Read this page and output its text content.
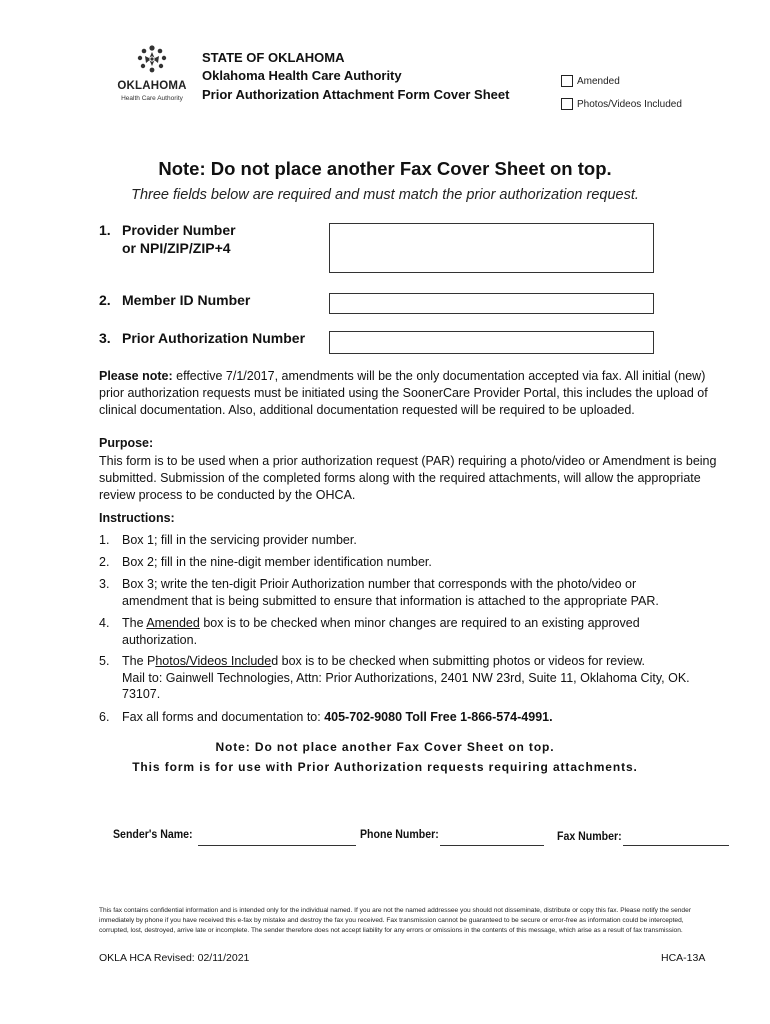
OKLAHOMA
Health Care Authority
STATE OF OKLAHOMA
Oklahoma Health Care Authority
Prior Authorization Attachment Form Cover Sheet
Amended
Photos/Videos Included
Note: Do not place another Fax Cover Sheet on top.
Three fields below are required and must match the prior authorization request.
1. Provider Number
or NPI/ZIP/ZIP+4
2. Member ID Number
3. Prior Authorization Number
Please note: effective 7/1/2017, amendments will be the only documentation accepted via fax. All initial (new) prior authorization requests must be initiated using the SoonerCare Provider Portal, this includes the upload of clinical documentation. Also, additional documentation requested will be required to be uploaded.
Purpose:
This form is to be used when a prior authorization request (PAR) requiring a photo/video or Amendment is being submitted. Submission of the completed forms along with the required attachments, will allow the appropriate review process to be conducted by the OHCA.
Instructions:
1.	Box 1; fill in the servicing provider number.
2.	Box 2; fill in the nine-digit member identification number.
3.	Box 3; write the ten-digit Prioir Authorization number that corresponds with the photo/video or amendment that is being submitted to ensure that information is attached to the appropriate PAR.
4.	The Amended box is to be checked when minor changes are required to an existing approved authorization.
5.	The Photos/Videos Included box is to be checked when submitting photos or videos for review.
Mail to: Gainwell Technologies, Attn: Prior Authorizations, 2401 NW 23rd, Suite 11, Oklahoma City, OK. 73107.
6.	Fax all forms and documentation to: 405-702-9080 Toll Free 1-866-574-4991.
Note: Do not place another Fax Cover Sheet on top.
This form is for use with Prior Authorization requests requiring attachments.
Sender's Name:	Phone Number:	Fax Number:
This fax contains confidential information and is intended only for the individual named. If you are not the named addressee you should not disseminate, distribute or copy this fax. Please notify the sender immediately by phone if you have received this e-fax by mistake and destroy the fax you received. Fax transmission cannot be guaranteed to be secure or error-free as information could be intercepted, corrupted, lost, destroyed, arrive late or incomplete. The sender therefore does not accept liability for any errors or omissions in the contents of this message, which arise as a result of fax transmission.
OKLA HCA Revised: 02/11/2021	HCA-13A
